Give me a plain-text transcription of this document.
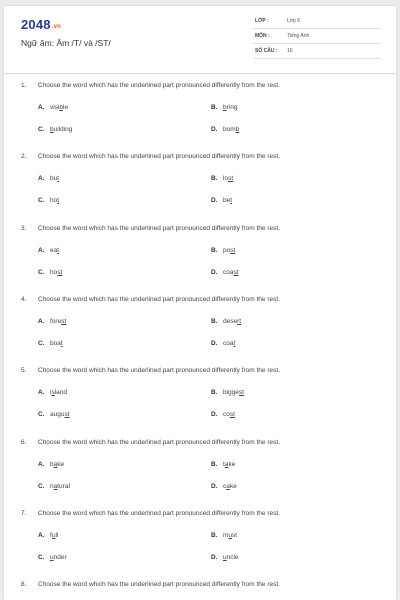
2048.vn
Ngữ âm: Âm /T/ và /ST/
LỚP :	Lớp 6
MÔN :	Tiếng Anh
SỐ CÂU : 10
1. Choose the word which has the underlined part pronounced differently from the rest.
A. visible	B. bring
C. building	D. bomb
2. Choose the word which has the underlined part pronounced differently from the rest.
A. but	B. lost
C. hot	D. bet
3. Choose the word which has the underlined part pronounced differently from the rest.
A. eat	B. post
C. host	D. coast
4. Choose the word which has the underlined part pronounced differently from the rest.
A. forest	B. desert
C. boat	D. coat
5. Choose the word which has the underlined part pronounced differently from the rest.
A. island	B. biggest
C. august	D. cost
6. Choose the word which has the underlined part pronounced differently from the rest.
A. bake	B. take
C. natural	D. cake
7. Choose the word which has the underlined part pronounced differently from the rest.
A. full	B. must
C. under	D. uncle
8. Choose the word which has the underlined part pronounced differently from the rest.
